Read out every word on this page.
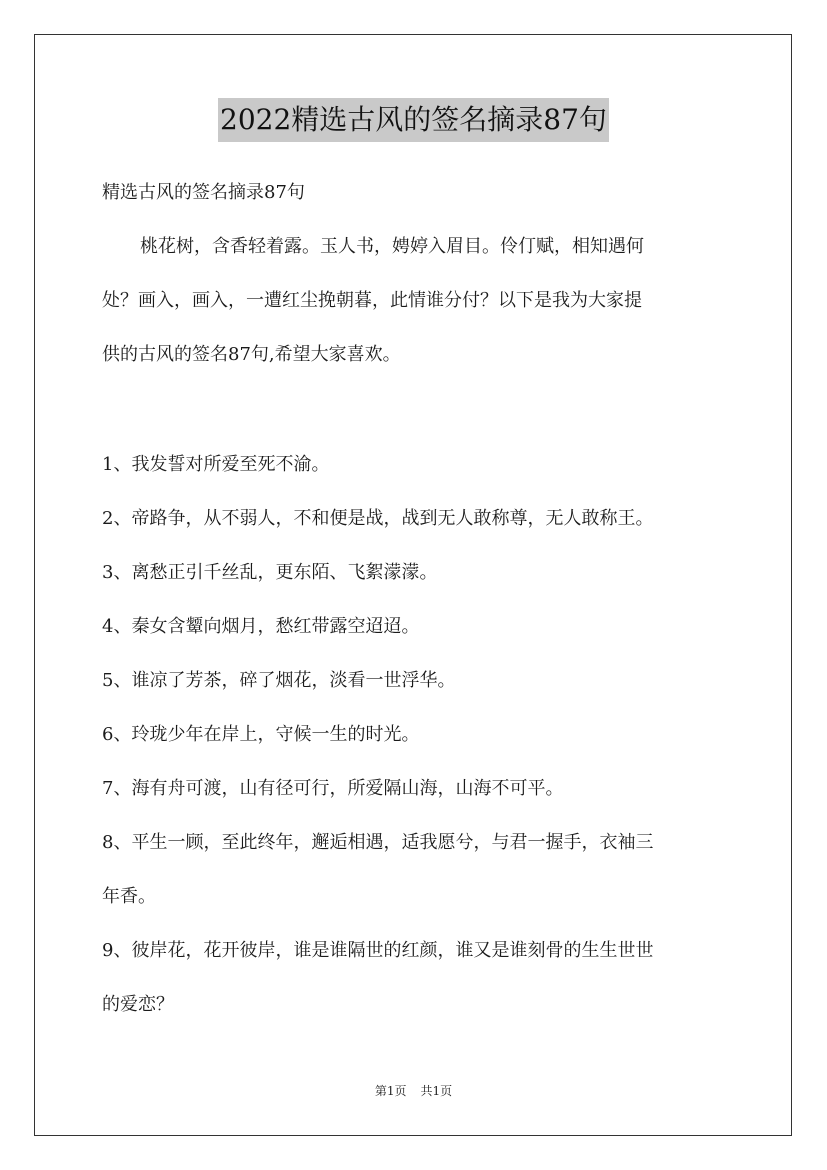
2022精选古风的签名摘录87句
精选古风的签名摘录87句
桃花树，含香轻着露。玉人书，娉婷入眉目。伶仃赋，相知遇何
处？画入，画入，一遭红尘挽朝暮，此情谁分付？以下是我为大家提
供的古风的签名87句,希望大家喜欢。
1、我发誓对所爱至死不渝。
2、帝路争，从不弱人，不和便是战，战到无人敢称尊，无人敢称王。
3、离愁正引千丝乱，更东陌、飞絮濛濛。
4、秦女含颦向烟月，愁红带露空迢迢。
5、谁凉了芳茶，碎了烟花，淡看一世浮华。
6、玲珑少年在岸上，守候一生的时光。
7、海有舟可渡，山有径可行，所爱隔山海，山海不可平。
8、平生一顾，至此终年，邂逅相遇，适我愿兮，与君一握手，衣袖三
年香。
9、彼岸花，花开彼岸，谁是谁隔世的红颜，谁又是谁刻骨的生生世世
的爱恋？
第1页 共1页
